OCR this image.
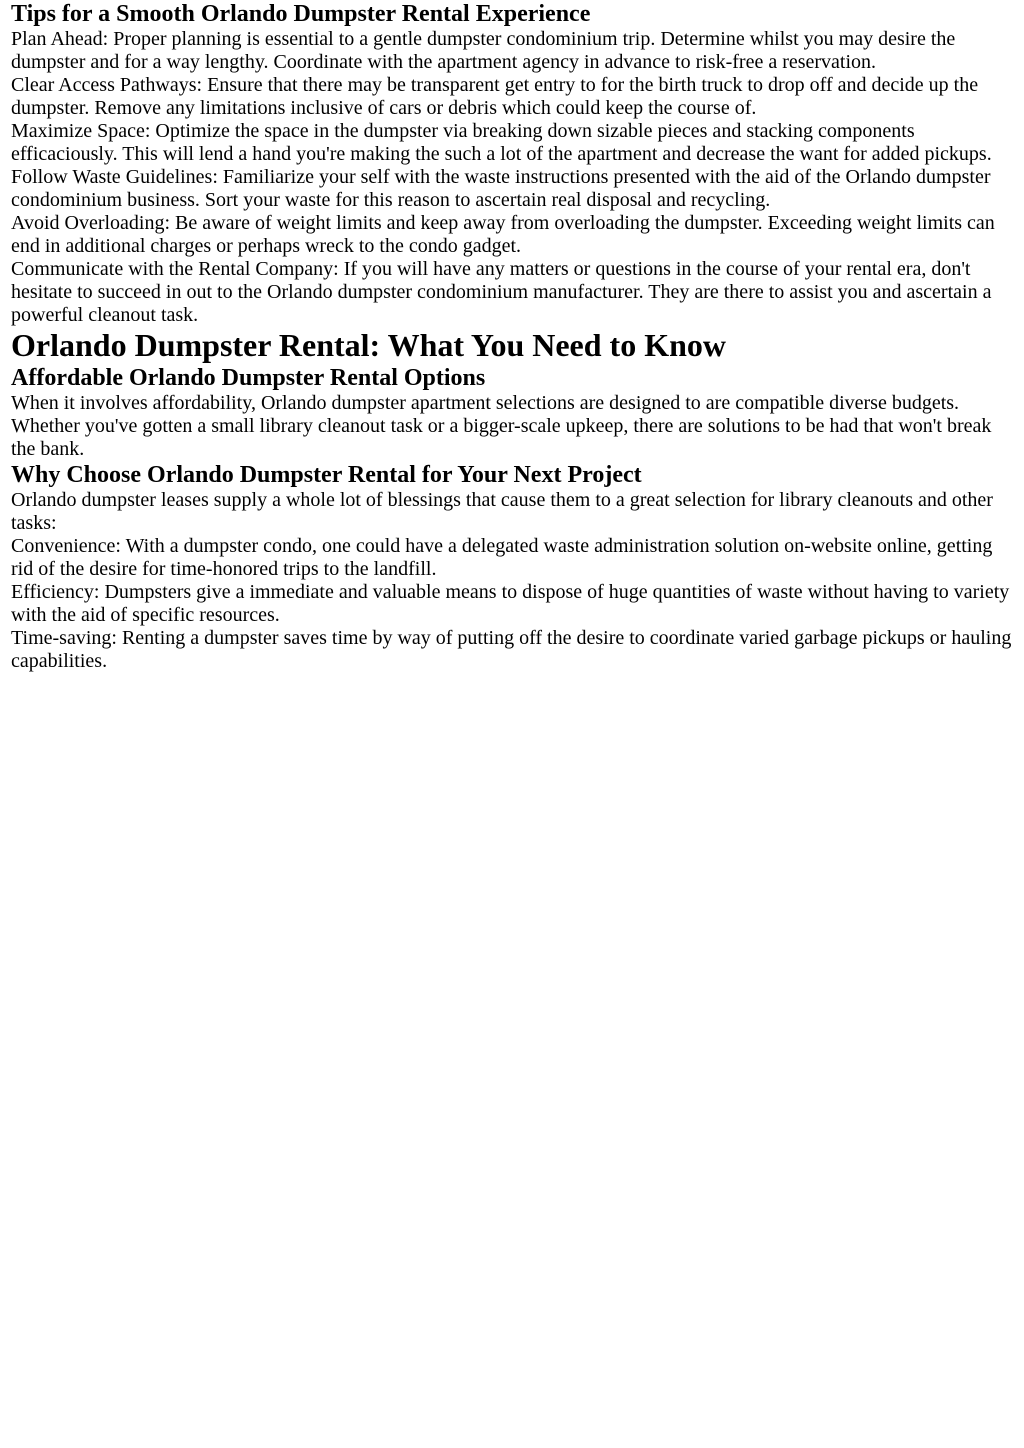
Tips for a Smooth Orlando Dumpster Rental Experience

Plan Ahead: Proper planning is essential to a gentle dumpster condominium trip. Determine whilst you may desire the dumpster and for a way lengthy. Coordinate with the apartment agency in advance to risk-free a reservation.

Clear Access Pathways: Ensure that there may be transparent get entry to for the birth truck to drop off and decide up the dumpster. Remove any limitations inclusive of cars or debris which could keep the course of.

Maximize Space: Optimize the space in the dumpster via breaking down sizable pieces and stacking components efficaciously. This will lend a hand you're making the such a lot of the apartment and decrease the want for added pickups.

Follow Waste Guidelines: Familiarize your self with the waste instructions presented with the aid of the Orlando dumpster condominium business. Sort your waste for this reason to ascertain real disposal and recycling.

Avoid Overloading: Be aware of weight limits and keep away from overloading the dumpster. Exceeding weight limits can end in additional charges or perhaps wreck to the condo gadget.

Communicate with the Rental Company: If you will have any matters or questions in the course of your rental era, don't hesitate to succeed in out to the Orlando dumpster condominium manufacturer. They are there to assist you and ascertain a powerful cleanout task.

Orlando Dumpster Rental: What You Need to Know
Affordable Orlando Dumpster Rental Options

When it involves affordability, Orlando dumpster apartment selections are designed to are compatible diverse budgets. Whether you've gotten a small library cleanout task or a bigger-scale upkeep, there are solutions to be had that won't break the bank.

Why Choose Orlando Dumpster Rental for Your Next Project

Orlando dumpster leases supply a whole lot of blessings that cause them to a great selection for library cleanouts and other tasks:

Convenience: With a dumpster condo, one could have a delegated waste administration solution on-website online, getting rid of the desire for time-honored trips to the landfill.

Efficiency: Dumpsters give a immediate and valuable means to dispose of huge quantities of waste without having to variety with the aid of specific resources.

Time-saving: Renting a dumpster saves time by way of putting off the desire to coordinate varied garbage pickups or hauling capabilities.
